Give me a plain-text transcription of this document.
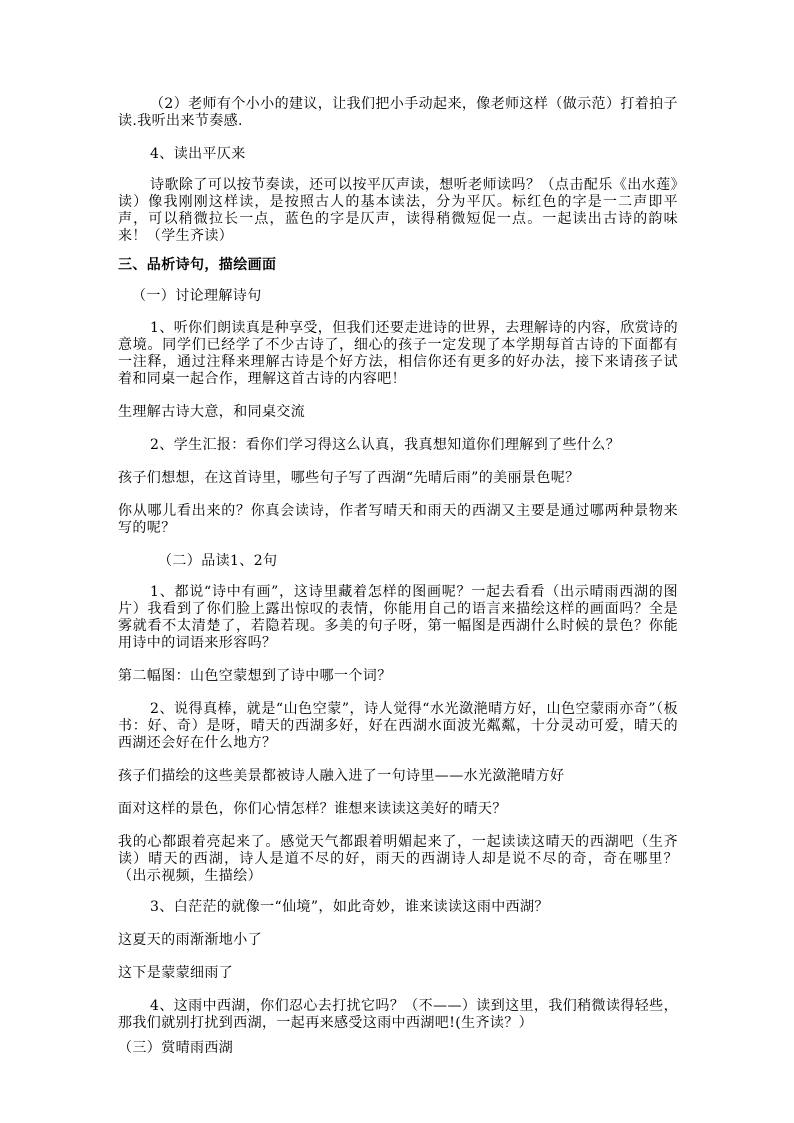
（2）老师有个小小的建议，让我们把小手动起来，像老师这样（做示范）打着拍子读.我听出来节奏感.

4、读出平仄来

诗歌除了可以按节奏读，还可以按平仄声读，想听老师读吗？（点击配乐《出水莲》读）像我刚刚这样读，是按照古人的基本读法，分为平仄。标红色的字是一二声即平声，可以稍微拉长一点，蓝色的字是仄声，读得稍微短促一点。一起读出古诗的韵味来！（学生齐读）

三、品析诗句，描绘画面

（一）讨论理解诗句

1、听你们朗读真是种享受，但我们还要走进诗的世界，去理解诗的内容，欣赏诗的意境。同学们已经学了不少古诗了，细心的孩子一定发现了本学期每首古诗的下面都有一注释，通过注释来理解古诗是个好方法，相信你还有更多的好办法，接下来请孩子试着和同桌一起合作，理解这首古诗的内容吧！

生理解古诗大意，和同桌交流

2、学生汇报：看你们学习得这么认真，我真想知道你们理解到了些什么？

孩子们想想，在这首诗里，哪些句子写了西湖“先晴后雨”的美丽景色呢？

你从哪儿看出来的？你真会读诗，作者写晴天和雨天的西湖又主要是通过哪两种景物来写的呢？

（二）品读1、2句

1、都说“诗中有画”，这诗里藏着怎样的图画呢？一起去看看（出示晴雨西湖的图片）我看到了你们脸上露出惊叹的表情，你能用自己的语言来描绘这样的画面吗？全是雾就看不太清楚了，若隐若现。多美的句子呀，第一幅图是西湖什么时候的景色？你能用诗中的词语来形容吗？

第二幅图：山色空蒙想到了诗中哪一个词？

2、说得真棒，就是“山色空蒙”，诗人觉得“水光潋滟晴方好，山色空蒙雨亦奇”（板书：好、奇）是呀，晴天的西湖多好，好在西湖水面波光粼粼，十分灵动可爱，晴天的西湖还会好在什么地方？

孩子们描绘的这些美景都被诗人融入进了一句诗里——水光潋滟晴方好

面对这样的景色，你们心情怎样？谁想来读读这美好的晴天？

我的心都跟着亮起来了。感觉天气都跟着明媚起来了，一起读读这晴天的西湖吧（生齐读）晴天的西湖，诗人是道不尽的好，雨天的西湖诗人却是说不尽的奇，奇在哪里？（出示视频，生描绘）

3、白茫茫的就像一“仙境”，如此奇妙，谁来读读这雨中西湖？

这夏天的雨渐渐地小了

这下是蒙蒙细雨了

4、这雨中西湖，你们忍心去打扰它吗？（不——）读到这里，我们稍微读得轻些，那我们就别打扰到西湖，一起再来感受这雨中西湖吧!(生齐读？）

（三）赏晴雨西湖
